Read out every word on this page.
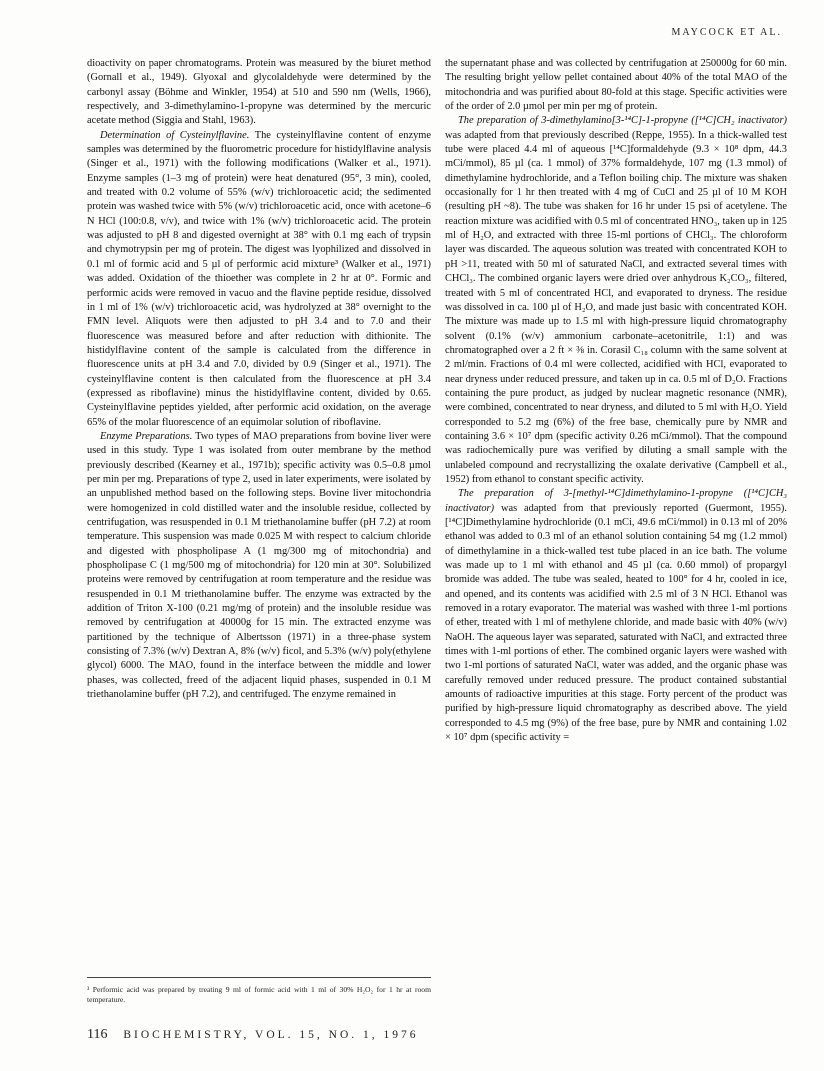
MAYCOCK ET AL.

dioactivity on paper chromatograms. Protein was measured by the biuret method (Gornall et al., 1949). Glyoxal and glycolaldehyde were determined by the carbonyl assay (Böhme and Winkler, 1954) at 510 and 590 nm (Wells, 1966), respectively, and 3-dimethylamino-1-propyne was determined by the mercuric acetate method (Siggia and Stahl, 1963).

Determination of Cysteinylflavine. The cysteinylflavine content of enzyme samples was determined by the fluorometric procedure for histidylflavine analysis (Singer et al., 1971) with the following modifications (Walker et al., 1971). Enzyme samples (1–3 mg of protein) were heat denatured (95°, 3 min), cooled, and treated with 0.2 volume of 55% (w/v) trichloroacetic acid; the sedimented protein was washed twice with 5% (w/v) trichloroacetic acid, once with acetone–6 N HCl (100:0.8, v/v), and twice with 1% (w/v) trichloroacetic acid. The protein was adjusted to pH 8 and digested overnight at 38° with 0.1 mg each of trypsin and chymotrypsin per mg of protein. The digest was lyophilized and dissolved in 0.1 ml of formic acid and 5 µl of performic acid mixture³ (Walker et al., 1971) was added. Oxidation of the thioether was complete in 2 hr at 0°. Formic and performic acids were removed in vacuo and the flavine peptide residue, dissolved in 1 ml of 1% (w/v) trichloroacetic acid, was hydrolyzed at 38° overnight to the FMN level. Aliquots were then adjusted to pH 3.4 and to 7.0 and their fluorescence was measured before and after reduction with dithionite. The histidylflavine content of the sample is calculated from the difference in fluorescence units at pH 3.4 and 7.0, divided by 0.9 (Singer et al., 1971). The cysteinylflavine content is then calculated from the fluorescence at pH 3.4 (expressed as riboflavine) minus the histidylflavine content, divided by 0.65. Cysteinylflavine peptides yielded, after performic acid oxidation, on the average 65% of the molar fluorescence of an equimolar solution of riboflavine.

Enzyme Preparations. Two types of MAO preparations from bovine liver were used in this study. Type 1 was isolated from outer membrane by the method previously described (Kearney et al., 1971b); specific activity was 0.5–0.8 µmol per min per mg. Preparations of type 2, used in later experiments, were isolated by an unpublished method based on the following steps. Bovine liver mitochondria were homogenized in cold distilled water and the insoluble residue, collected by centrifugation, was resuspended in 0.1 M triethanolamine buffer (pH 7.2) at room temperature. This suspension was made 0.025 M with respect to calcium chloride and digested with phospholipase A (1 mg/300 mg of mitochondria) and phospholipase C (1 mg/500 mg of mitochondria) for 120 min at 30°. Solubilized proteins were removed by centrifugation at room temperature and the residue was resuspended in 0.1 M triethanolamine buffer. The enzyme was extracted by the addition of Triton X-100 (0.21 mg/mg of protein) and the insoluble residue was removed by centrifugation at 40000g for 15 min. The extracted enzyme was partitioned by the technique of Albertsson (1971) in a three-phase system consisting of 7.3% (w/v) Dextran A, 8% (w/v) ficol, and 5.3% (w/v) poly(ethylene glycol) 6000. The MAO, found in the interface between the middle and lower phases, was collected, freed of the adjacent liquid phases, suspended in 0.1 M triethanolamine buffer (pH 7.2), and centrifuged. The enzyme remained in

the supernatant phase and was collected by centrifugation at 250000g for 60 min. The resulting bright yellow pellet contained about 40% of the total MAO of the mitochondria and was purified about 80-fold at this stage. Specific activities were of the order of 2.0 µmol per min per mg of protein.

The preparation of 3-dimethylamino[3-¹⁴C]-1-propyne ([¹⁴C]CH₂ inactivator) was adapted from that previously described (Reppe, 1955). In a thick-walled test tube were placed 4.4 ml of aqueous [¹⁴C]formaldehyde (9.3 × 10⁸ dpm, 44.3 mCi/mmol), 85 µl (ca. 1 mmol) of 37% formaldehyde, 107 mg (1.3 mmol) of dimethylamine hydrochloride, and a Teflon boiling chip. The mixture was shaken occasionally for 1 hr then treated with 4 mg of CuCl and 25 µl of 10 M KOH (resulting pH ~8). The tube was shaken for 16 hr under 15 psi of acetylene. The reaction mixture was acidified with 0.5 ml of concentrated HNO₃, taken up in 125 ml of H₂O, and extracted with three 15-ml portions of CHCl₃. The chloroform layer was discarded. The aqueous solution was treated with concentrated KOH to pH >11, treated with 50 ml of saturated NaCl, and extracted several times with CHCl₃. The combined organic layers were dried over anhydrous K₂CO₃, filtered, treated with 5 ml of concentrated HCl, and evaporated to dryness. The residue was dissolved in ca. 100 µl of H₂O, and made just basic with concentrated KOH. The mixture was made up to 1.5 ml with high-pressure liquid chromatography solvent (0.1% (w/v) ammonium carbonate–acetonitrile, 1:1) and was chromatographed over a 2 ft × ⅜ in. Corasil C₁₈ column with the same solvent at 2 ml/min. Fractions of 0.4 ml were collected, acidified with HCl, evaporated to near dryness under reduced pressure, and taken up in ca. 0.5 ml of D₂O. Fractions containing the pure product, as judged by nuclear magnetic resonance (NMR), were combined, concentrated to near dryness, and diluted to 5 ml with H₂O. Yield corresponded to 5.2 mg (6%) of the free base, chemically pure by NMR and containing 3.6 × 10⁷ dpm (specific activity 0.26 mCi/mmol). That the compound was radiochemically pure was verified by diluting a small sample with the unlabeled compound and recrystallizing the oxalate derivative (Campbell et al., 1952) from ethanol to constant specific activity.

The preparation of 3-[methyl-¹⁴C]dimethylamino-1-propyne ([¹⁴C]CH₃ inactivator) was adapted from that previously reported (Guermont, 1955). [¹⁴C]Dimethylamine hydrochloride (0.1 mCi, 49.6 mCi/mmol) in 0.13 ml of 20% ethanol was added to 0.3 ml of an ethanol solution containing 54 mg (1.2 mmol) of dimethylamine in a thick-walled test tube placed in an ice bath. The volume was made up to 1 ml with ethanol and 45 µl (ca. 0.60 mmol) of propargyl bromide was added. The tube was sealed, heated to 100° for 4 hr, cooled in ice, and opened, and its contents was acidified with 2.5 ml of 3 N HCl. Ethanol was removed in a rotary evaporator. The material was washed with three 1-ml portions of ether, treated with 1 ml of methylene chloride, and made basic with 40% (w/v) NaOH. The aqueous layer was separated, saturated with NaCl, and extracted three times with 1-ml portions of ether. The combined organic layers were washed with two 1-ml portions of saturated NaCl, water was added, and the organic phase was carefully removed under reduced pressure. The product contained substantial amounts of radioactive impurities at this stage. Forty percent of the product was purified by high-pressure liquid chromatography as described above. The yield corresponded to 4.5 mg (9%) of the free base, pure by NMR and containing 1.02 × 10⁷ dpm (specific activity =

³ Performic acid was prepared by treating 9 ml of formic acid with 1 ml of 30% H₂O₂ for 1 hr at room temperature.
116 BIOCHEMISTRY, VOL. 15, NO. 1, 1976
